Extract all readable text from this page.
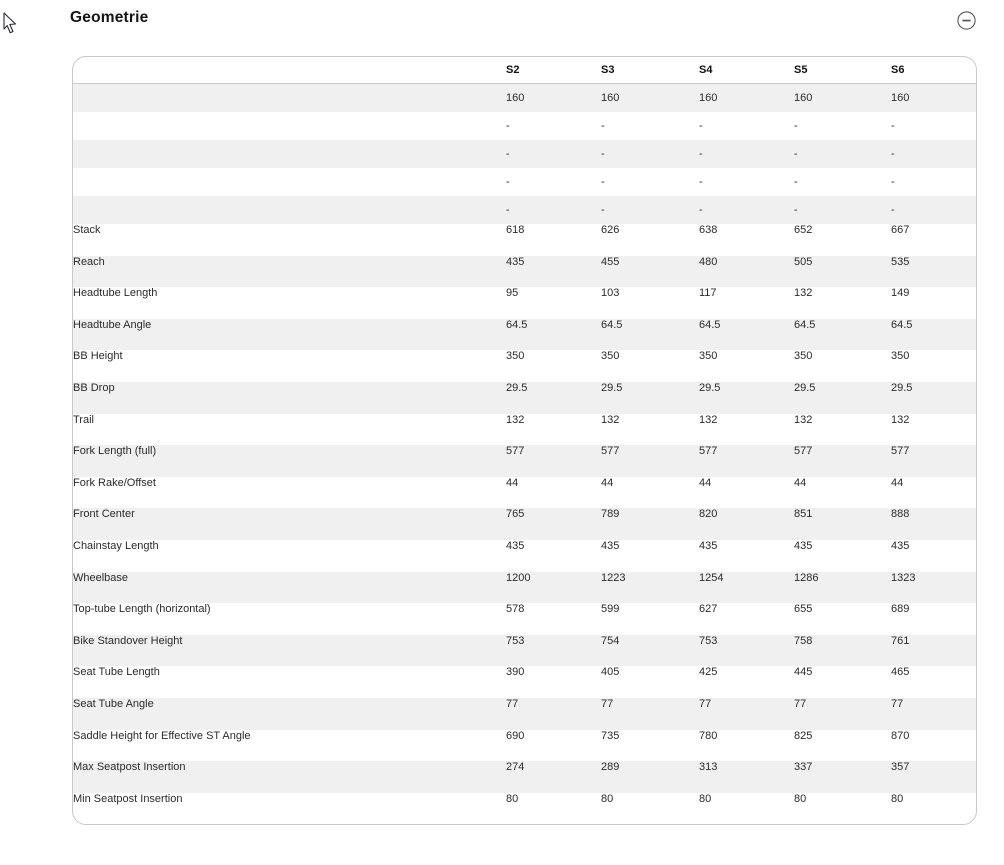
Geometrie
	S2	S3	S4	S5	S6
	160	160	160	160	160
	-	-	-	-	-
	-	-	-	-	-
	-	-	-	-	-
	-	-	-	-	-
Stack	618	626	638	652	667
Reach	435	455	480	505	535
Headtube Length	95	103	117	132	149
Headtube Angle	64.5	64.5	64.5	64.5	64.5
BB Height	350	350	350	350	350
BB Drop	29.5	29.5	29.5	29.5	29.5
Trail	132	132	132	132	132
Fork Length (full)	577	577	577	577	577
Fork Rake/Offset	44	44	44	44	44
Front Center	765	789	820	851	888
Chainstay Length	435	435	435	435	435
Wheelbase	1200	1223	1254	1286	1323
Top-tube Length (horizontal)	578	599	627	655	689
Bike Standover Height	753	754	753	758	761
Seat Tube Length	390	405	425	445	465
Seat Tube Angle	77	77	77	77	77
Saddle Height for Effective ST Angle	690	735	780	825	870
Max Seatpost Insertion	274	289	313	337	357
Min Seatpost Insertion	80	80	80	80	80
